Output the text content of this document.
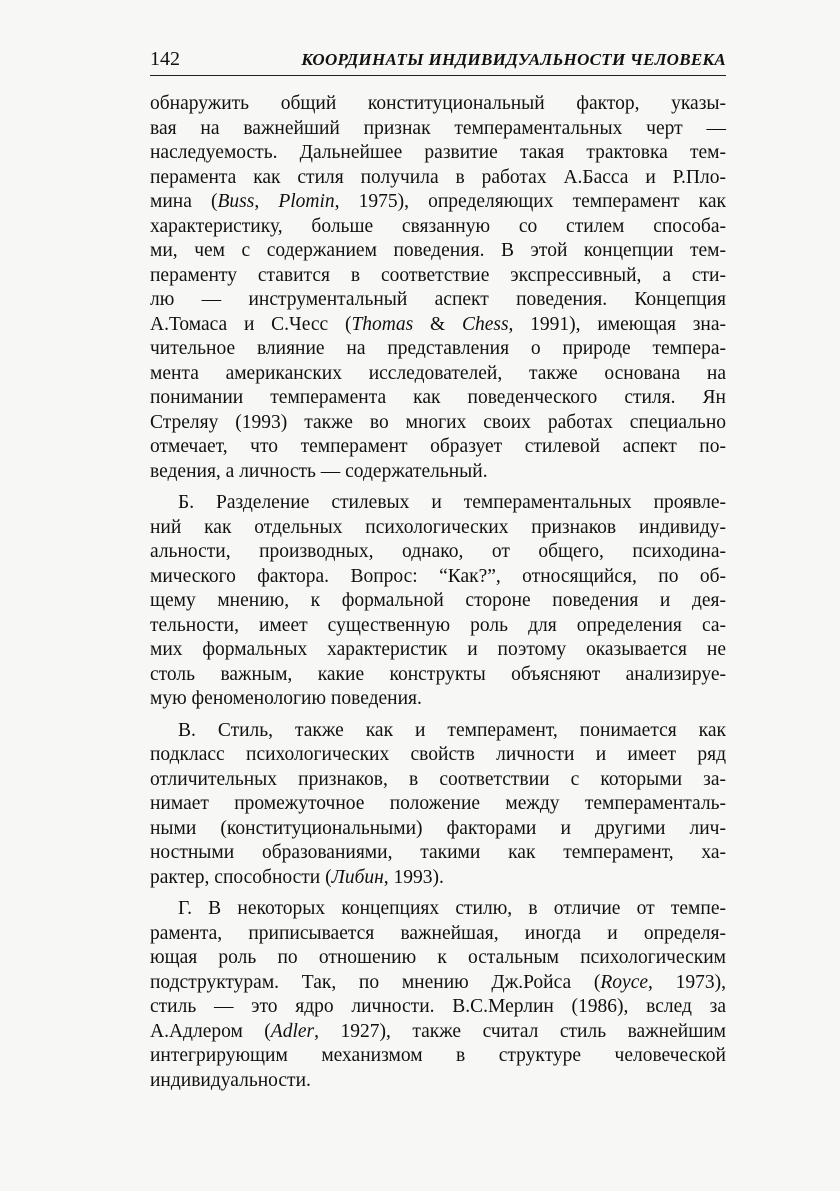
142	КООРДИНАТЫ ИНДИВИДУАЛЬНОСТИ ЧЕЛОВЕКА
обнаружить общий конституциональный фактор, указы-
вая на важнейший признак темпераментальных черт —
наследуемость. Дальнейшее развитие такая трактовка тем-
перамента как стиля получила в работах А.Басса и Р.Пло-
мина (Buss, Plomin, 1975), определяющих темперамент как
характеристику, больше связанную со стилем способа-
ми, чем с содержанием поведения. В этой концепции тем-
пераменту ставится в соответствие экспрессивный, а сти-
лю — инструментальный аспект поведения. Концепция
А.Томаса и С.Чесс (Thomas & Chess, 1991), имеющая зна-
чительное влияние на представления о природе темпера-
мента американских исследователей, также основана на
понимании темперамента как поведенческого стиля. Ян
Стреляу (1993) также во многих своих работах специально
отмечает, что темперамент образует стилевой аспект по-
ведения, а личность — содержательный.
Б. Разделение стилевых и темпераментальных проявле-
ний как отдельных психологических признаков индивиду-
альности, производных, однако, от общего, психодина-
мического фактора. Вопрос: “Как?”, относящийся, по об-
щему мнению, к формальной стороне поведения и дея-
тельности, имеет существенную роль для определения са-
мих формальных характеристик и поэтому оказывается не
столь важным, какие конструкты объясняют анализируе-
мую феноменологию поведения.
В. Стиль, также как и темперамент, понимается как
подкласс психологических свойств личности и имеет ряд
отличительных признаков, в соответствии с которыми за-
нимает промежуточное положение между темпераменталь-
ными (конституциональными) факторами и другими лич-
ностными образованиями, такими как темперамент, ха-
рактер, способности (Либин, 1993).
Г. В некоторых концепциях стилю, в отличие от темпе-
рамента, приписывается важнейшая, иногда и определя-
ющая роль по отношению к остальным психологическим
подструктурам. Так, по мнению Дж.Ройса (Royce, 1973),
стиль — это ядро личности. В.С.Мерлин (1986), вслед за
А.Адлером (Adler, 1927), также считал стиль важнейшим
интегрирующим механизмом в структуре человеческой
индивидуальности.
